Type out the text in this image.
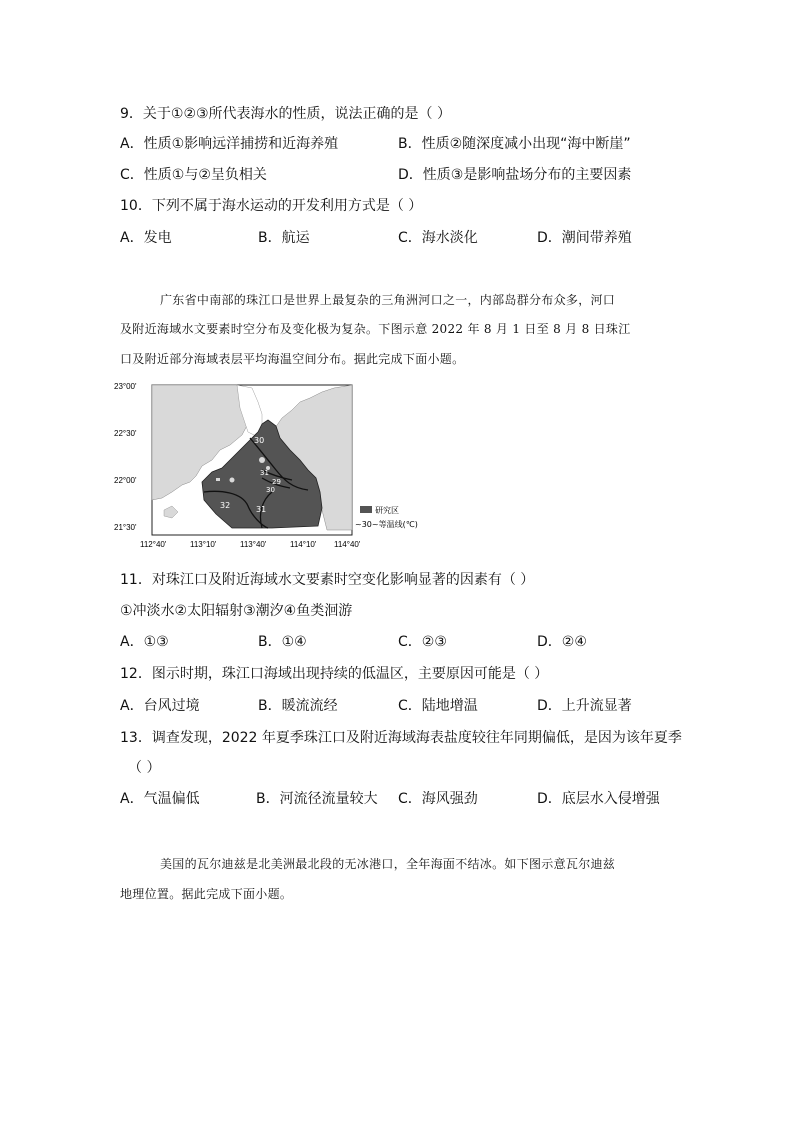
9．关于①②③所代表海水的性质，说法正确的是（ ）
A．性质①影响远洋捕捞和近海养殖	B．性质②随深度减小出现“海中断崖”
C．性质①与②呈负相关	D．性质③是影响盐场分布的主要因素
10．下列不属于海水运动的开发利用方式是（ ）
A．发电	B．航运	C．海水淡化	D．潮间带养殖
广东省中南部的珠江口是世界上最复杂的三角洲河口之一，内部岛群分布众多，河口
及附近海域水文要素时空分布及变化极为复杂。下图示意 2022 年 8 月 1 日至 8 月 8 日珠江
口及附近部分海域表层平均海温空间分布。据此完成下面小题。
30
31
29
30
32	31
23°00'
22°30'
22°00'
21°30'
112°40'	113°10'	113°40'	114°10' 114°40'
研究区
~30~等温线(℃)
11．对珠江口及附近海域水文要素时空变化影响显著的因素有（ ）
①冲淡水②太阳辐射③潮汐④鱼类洄游
A．①③	B．①④	C．②③	D．②④
12．图示时期，珠江口海域出现持续的低温区，主要原因可能是（ ）
A．台风过境	B．暖流流经	C．陆地增温	D．上升流显著
13．调查发现，2022 年夏季珠江口及附近海域海表盐度较往年同期偏低，是因为该年夏季
（ ）
A．气温偏低	B．河流径流量较大 C．海风强劲	D．底层水入侵增强
美国的瓦尔迪兹是北美洲最北段的无冰港口，全年海面不结冰。如下图示意瓦尔迪兹
地理位置。据此完成下面小题。
